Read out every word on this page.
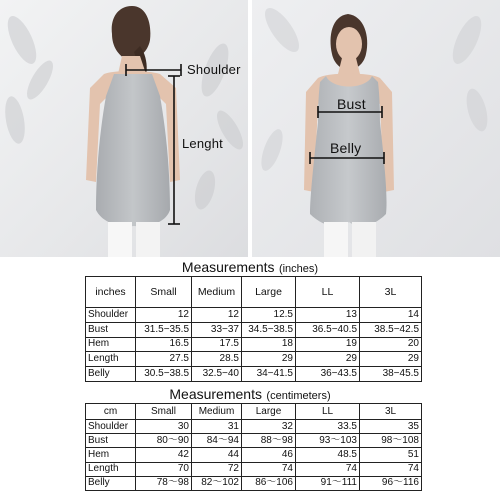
Shoulder
Lenght
Bust
Belly
Measurements (inches)
inches	Small	Medium	Large	LL	3L
Shoulder	12	12	12.5	13	14
Bust	31.5−35.5	33−37	34.5−38.5	36.5−40.5	38.5−42.5
Hem	16.5	17.5	18	19	20
Length	27.5	28.5	29	29	29
Belly	30.5−38.5	32.5−40	34−41.5	36−43.5	38−45.5
Measurements (centimeters)
cm	Small	Medium	Large	LL	3L
Shoulder	30	31	32	33.5	35
Bust	80〜90	84〜94	88〜98	93〜103	98〜108
Hem	42	44	46	48.5	51
Length	70	72	74	74	74
Belly	78〜98	82〜102	86〜106	91〜111	96〜116
